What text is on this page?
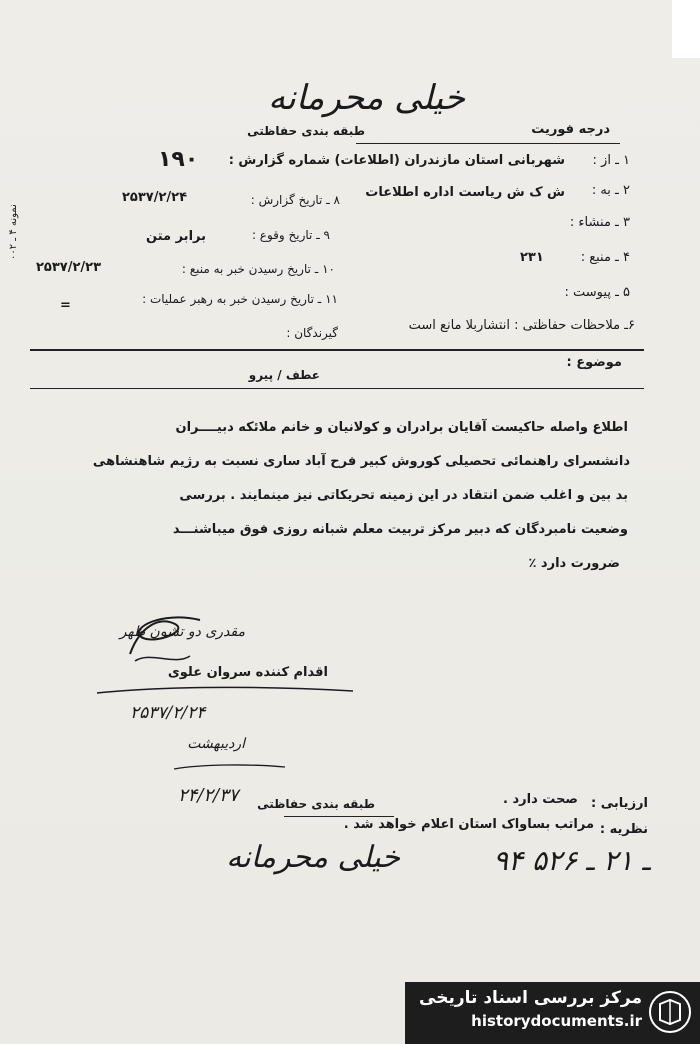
خیلی محرمانه
درجه فوریت
طبقه بندی حفاظتی
۱ ـ از :
شهربانی استان مازندران (اطلاعات) شماره گزارش :
۱۹۰
۲ ـ به :
ش ک ش ریاست اداره اطلاعات
۳ ـ منشاء :
۴ ـ منبع :
۲۳۱
۵ ـ پیوست :
۶ـ ملاحظات حفاظتی : انتشاربلا مانع است
۸ ـ تاریخ گزارش :
۲۵۳۷/۲/۲۴
۹ ـ تاریخ وقوع :
برابر متن
۱۰ ـ تاریخ رسیدن خبر به منبع :
۲۵۳۷/۲/۲۳
۱۱ ـ تاریخ رسیدن خبر به رهبر عملیات :
=
گیرندگان :
نمونه ۴ ـ ۰۰۲
موضوع :
عطف / پیرو
اطلاع واصله حاکیست آقایان برادران و کولانیان و خانم ملائکه دبیــــران
دانشسرای راهنمائی تحصیلی کوروش کبیر فرح آباد ساری نسبت به رژیم شاهنشاهی
بد بین و اغلب ضمن انتقاد در این زمینه تحریکاتی نیز مینمایند . بررسی
وضعیت نامبردگان که دبیر مرکز تربیت معلم شبانه روزی فوق میباشنـــد
ضرورت دارد ٪
مقدری دو تشون ظهر
اقدام کننده سروان علوی
۲۵۳۷/۲/۲۴
اردیبهشت
۲۴/۲/۳۷ طبقه بندی حفاظتی	ارزیابی :
صحت دارد .
نظریه :
مراتب بساواک استان اعلام خواهد شد .
خیلی محرمانه	۹۴ ـ ۲۱ ـ ۵۲۶
مرکز بررسی اسناد تاریخی
historydocuments.ir
